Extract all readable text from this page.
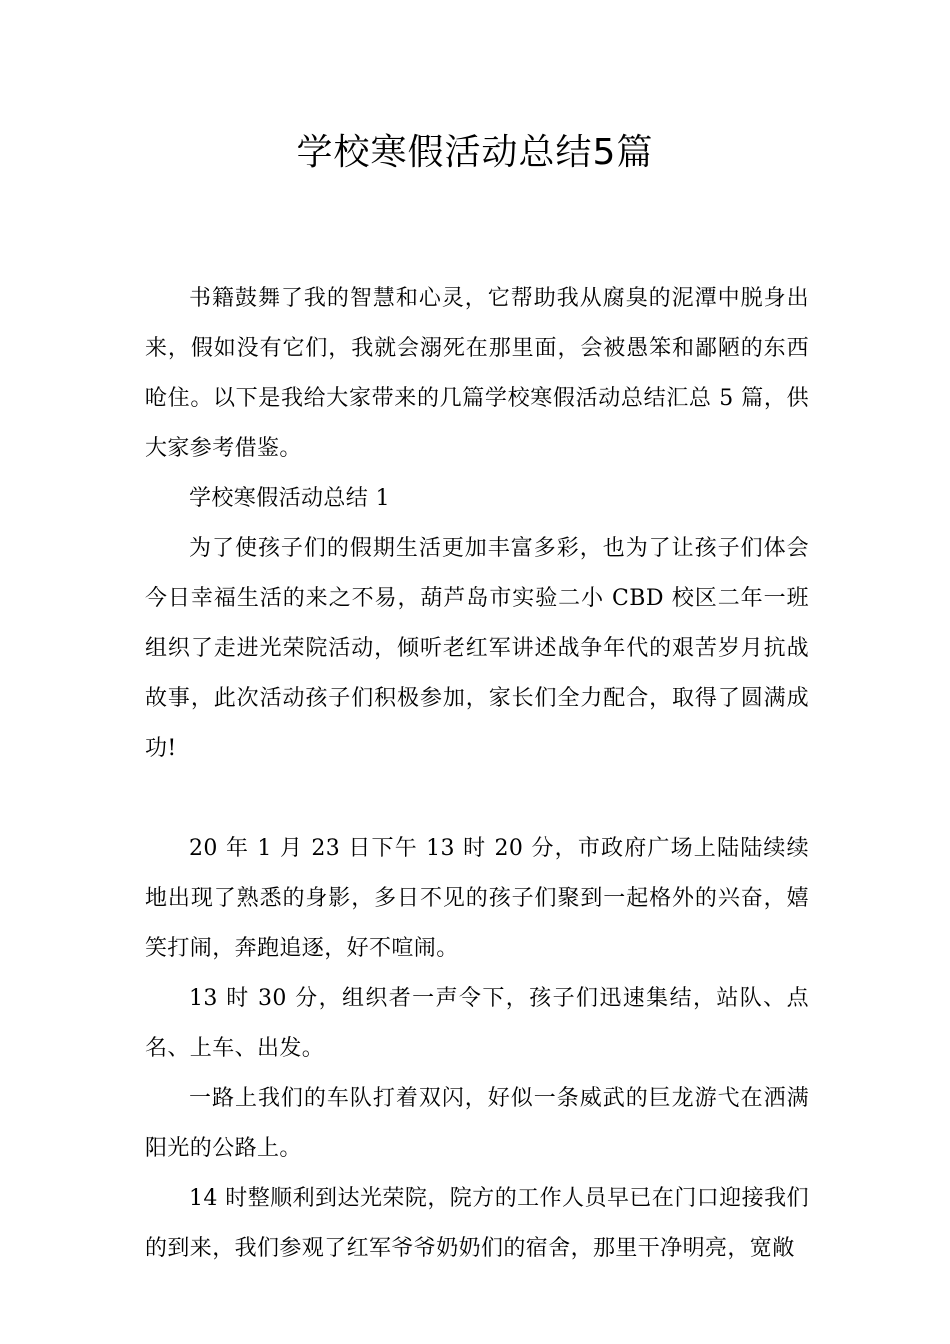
学校寒假活动总结5篇

书籍鼓舞了我的智慧和心灵，它帮助我从腐臭的泥潭中脱身出来，假如没有它们，我就会溺死在那里面，会被愚笨和鄙陋的东西呛住。以下是我给大家带来的几篇学校寒假活动总结汇总 5 篇，供大家参考借鉴。

学校寒假活动总结 1

为了使孩子们的假期生活更加丰富多彩，也为了让孩子们体会今日幸福生活的来之不易，葫芦岛市实验二小 CBD 校区二年一班组织了走进光荣院活动，倾听老红军讲述战争年代的艰苦岁月抗战故事，此次活动孩子们积极参加，家长们全力配合，取得了圆满成功!

20 年 1 月 23 日下午 13 时 20 分，市政府广场上陆陆续续地出现了熟悉的身影，多日不见的孩子们聚到一起格外的兴奋，嬉笑打闹，奔跑追逐，好不喧闹。

13 时 30 分，组织者一声令下，孩子们迅速集结，站队、点名、上车、出发。

一路上我们的车队打着双闪，好似一条威武的巨龙游弋在洒满阳光的公路上。

14 时整顺利到达光荣院，院方的工作人员早已在门口迎接我们的到来，我们参观了红军爷爷奶奶们的宿舍，那里干净明亮，宽敞
